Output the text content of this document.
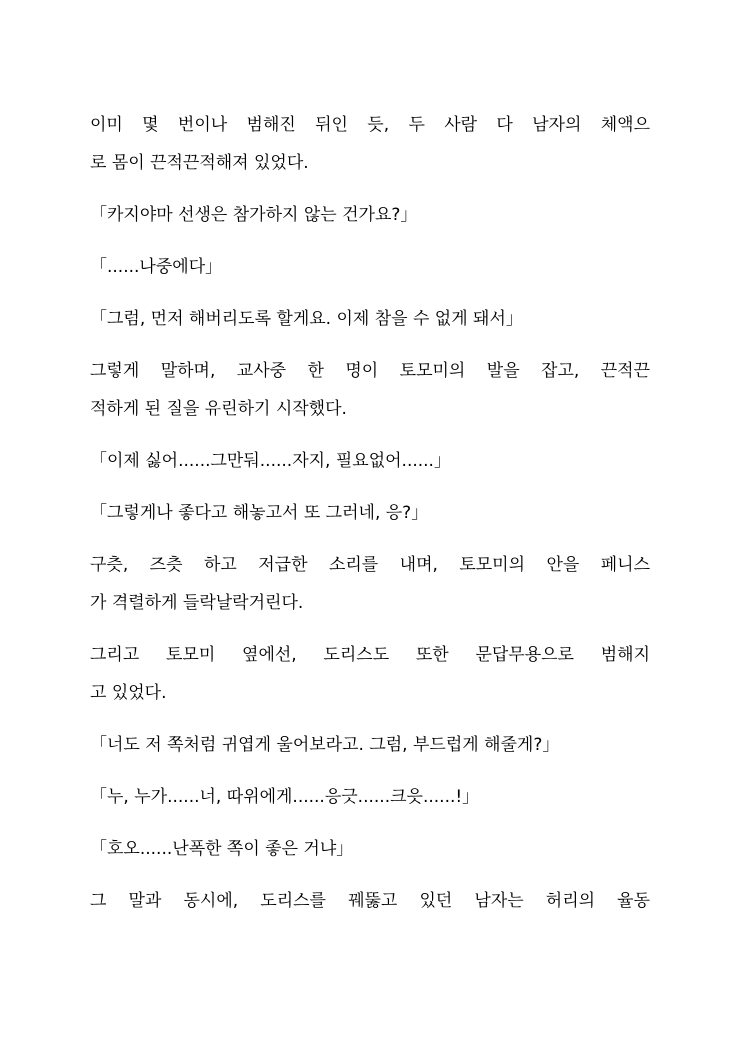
이미 몇 번이나 범해진 뒤인 듯, 두 사람 다 남자의 체액으
로 몸이 끈적끈적해져 있었다.
「카지야마 선생은 참가하지 않는 건가요?」
「......나중에다」
「그럼, 먼저 해버리도록 할게요. 이제 참을 수 없게 돼서」
그렇게 말하며, 교사중 한 명이 토모미의 발을 잡고, 끈적끈
적하게 된 질을 유린하기 시작했다.
「이제 싫어......그만둬......자지, 필요없어......」
「그렇게나 좋다고 해놓고서 또 그러네, 응?」
구츳, 즈츳 하고 저급한 소리를 내며, 토모미의 안을 페니스
가 격렬하게 들락날락거린다.
그리고 토모미 옆에선, 도리스도 또한 문답무용으로 범해지
고 있었다.
「너도 저 쪽처럼 귀엽게 울어보라고. 그럼, 부드럽게 해줄게?」
「누, 누가......너, 따위에게......응긋......크읏......!」
「호오......난폭한 쪽이 좋은 거냐」
그 말과 동시에, 도리스를 꿰뚫고 있던 남자는 허리의 율동
